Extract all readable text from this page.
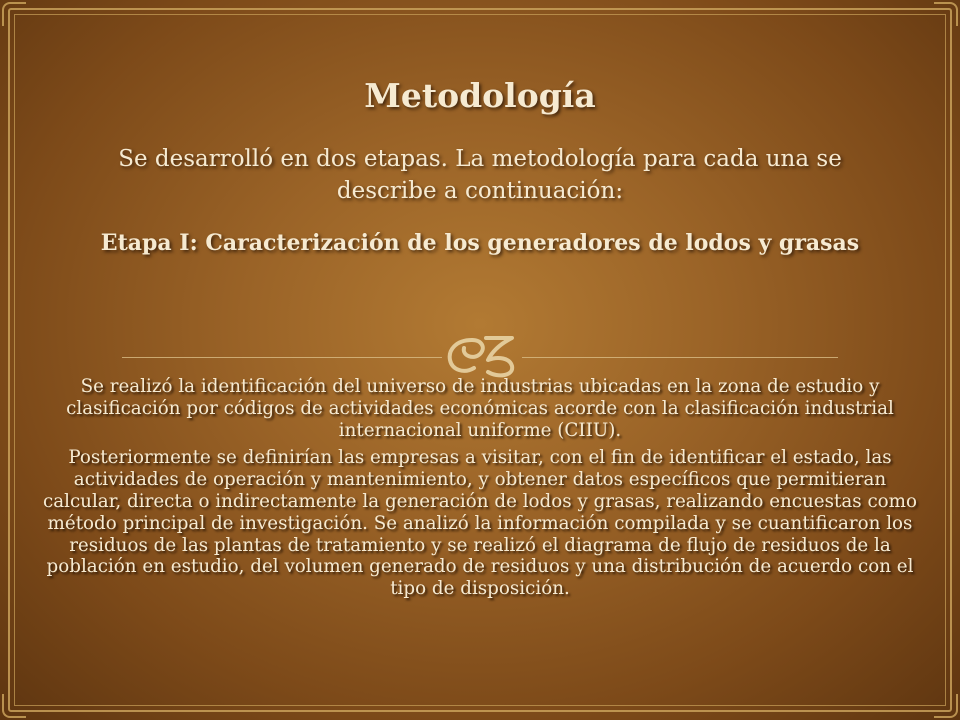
Metodología
Se desarrolló en dos etapas. La metodología para cada una se describe a continuación:
Etapa I: Caracterización de los generadores de lodos y grasas

Se realizó la identificación del universo de industrias ubicadas en la zona de estudio y clasificación por códigos de actividades económicas acorde con la clasificación industrial internacional uniforme (CIIU).

Posteriormente se definirían las empresas a visitar, con el fin de identificar el estado, las actividades de operación y mantenimiento, y obtener datos específicos que permitieran calcular, directa o indirectamente la generación de lodos y grasas, realizando encuestas como método principal de investigación. Se analizó la información compilada y se cuantificaron los residuos de las plantas de tratamiento y se realizó el diagrama de flujo de residuos de la población en estudio, del volumen generado de residuos y una distribución de acuerdo con el tipo de disposición.
